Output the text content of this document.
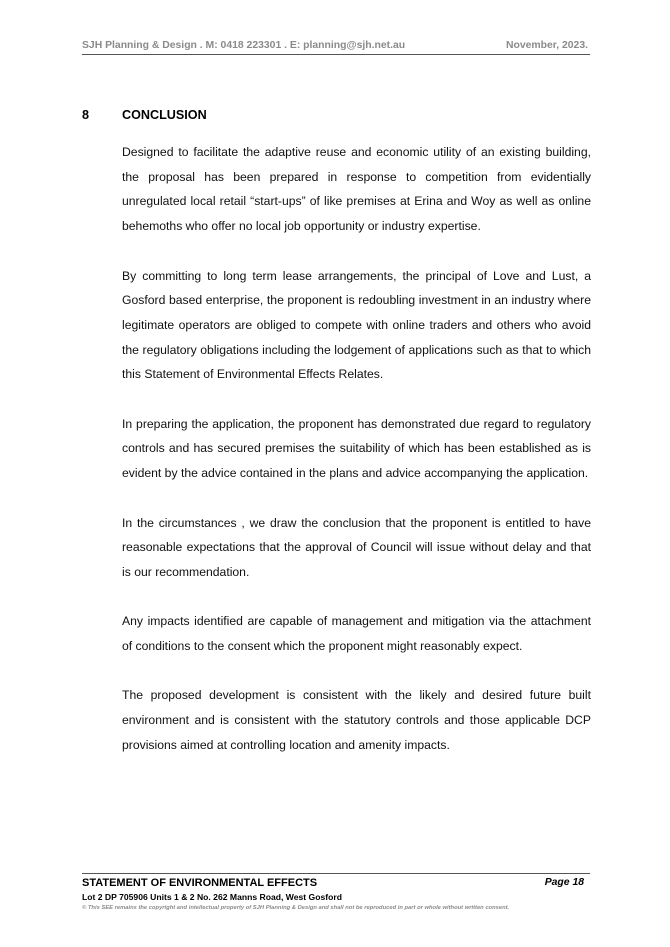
SJH Planning & Design . M: 0418 223301 . E: planning@sjh.net.au	November, 2023.
8	CONCLUSION

Designed to facilitate the adaptive reuse and economic utility of an existing building, the proposal has been prepared in response to competition from evidentially unregulated local retail “start-ups” of like premises at Erina and Woy as well as online behemoths who offer no local job opportunity or industry expertise.

By committing to long term lease arrangements, the principal of Love and Lust, a Gosford based enterprise, the proponent is redoubling investment in an industry where legitimate operators are obliged to compete with online traders and others who avoid the regulatory obligations including the lodgement of applications such as that to which this Statement of Environmental Effects Relates.

In preparing the application, the proponent has demonstrated due regard to regulatory controls and has secured premises the suitability of which has been established as is evident by the advice contained in the plans and advice accompanying the application.

In the circumstances , we draw the conclusion that the proponent is entitled to have reasonable expectations that the approval of Council will issue without delay and that is our recommendation.

Any impacts identified are capable of management and mitigation via the attachment of conditions to the consent which the proponent might reasonably expect.

The proposed development is consistent with the likely and desired future built environment and is consistent with the statutory controls and those applicable DCP provisions aimed at controlling location and amenity impacts.

STATEMENT OF ENVIRONMENTAL EFFECTS	Page 18
Lot 2 DP 705906 Units 1 & 2 No. 262 Manns Road, West Gosford
© This SEE remains the copyright and intellectual property of SJH Planning & Design and shall not be reproduced in part or whole without written consent.
